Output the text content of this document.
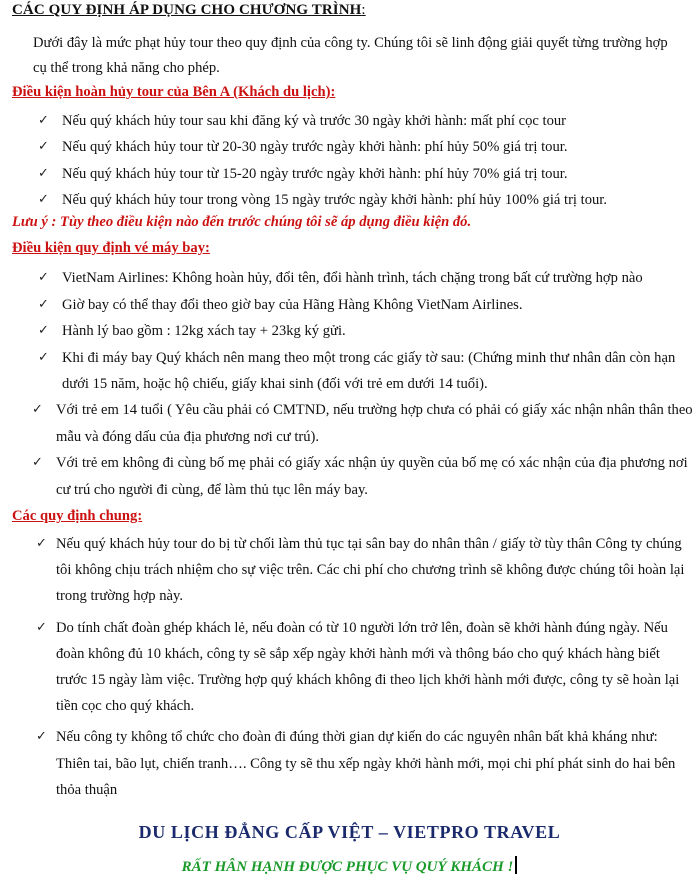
CÁC QUY ĐỊNH ÁP DỤNG CHO CHƯƠNG TRÌNH:
Dưới đây là mức phạt hủy tour theo quy định của công ty. Chúng tôi sẽ linh động giải quyết từng trường hợp cụ thể trong khả năng cho phép.
Điều kiện hoàn hủy tour của Bên A (Khách du lịch):
✓ Nếu quý khách hủy tour sau khi đăng ký và trước 30 ngày khởi hành: mất phí cọc tour
✓ Nếu quý khách hủy tour từ 20-30 ngày trước ngày khởi hành: phí hủy 50% giá trị tour.
✓ Nếu quý khách hủy tour từ 15-20 ngày trước ngày khởi hành: phí hủy 70% giá trị tour.
✓ Nếu quý khách hủy tour trong vòng 15 ngày trước ngày khởi hành: phí hủy 100% giá trị tour.
Lưu ý : Tùy theo điều kiện nào đến trước chúng tôi sẽ áp dụng điều kiện đó.
Điều kiện quy định vé máy bay:
✓ VietNam Airlines: Không hoàn hủy, đổi tên, đổi hành trình, tách chặng trong bất cứ trường hợp nào
✓ Giờ bay có thể thay đổi theo giờ bay của Hãng Hàng Không VietNam Airlines.
✓ Hành lý bao gồm : 12kg xách tay + 23kg ký gửi.
✓ Khi đi máy bay Quý khách nên mang theo một trong các giấy tờ sau: (Chứng minh thư nhân dân còn hạn dưới 15 năm, hoặc hộ chiếu, giấy khai sinh (đối với trẻ em dưới 14 tuổi).
✓ Với trẻ em 14 tuổi ( Yêu cầu phải có CMTND, nếu trường hợp chưa có phải có giấy xác nhận nhân thân theo mẫu và đóng dấu của địa phương nơi cư trú).
✓ Với trẻ em không đi cùng bố mẹ phải có giấy xác nhận ủy quyền của bố mẹ có xác nhận của địa phương nơi cư trú cho người đi cùng, để làm thủ tục lên máy bay.
Các quy định chung:
✓ Nếu quý khách hủy tour do bị từ chối làm thủ tục tại sân bay do nhân thân / giấy tờ tùy thân Công ty chúng tôi không chịu trách nhiệm cho sự việc trên. Các chi phí cho chương trình sẽ không được chúng tôi hoàn lại trong trường hợp này.
✓ Do tính chất đoàn ghép khách lẻ, nếu đoàn có từ 10 người lớn trở lên, đoàn sẽ khởi hành đúng ngày. Nếu đoàn không đủ 10 khách, công ty sẽ sắp xếp ngày khởi hành mới và thông báo cho quý khách hàng biết trước 15 ngày làm việc. Trường hợp quý khách không đi theo lịch khởi hành mới được, công ty sẽ hoàn lại tiền cọc cho quý khách.
✓ Nếu công ty không tổ chức cho đoàn đi đúng thời gian dự kiến do các nguyên nhân bất khả kháng như: Thiên tai, bão lụt, chiến tranh…. Công ty sẽ thu xếp ngày khởi hành mới, mọi chi phí phát sinh do hai bên thỏa thuận
DU LỊCH ĐẲNG CẤP VIỆT – VIETPRO TRAVEL
RẤT HÂN HẠNH ĐƯỢC PHỤC VỤ QUÝ KHÁCH !
